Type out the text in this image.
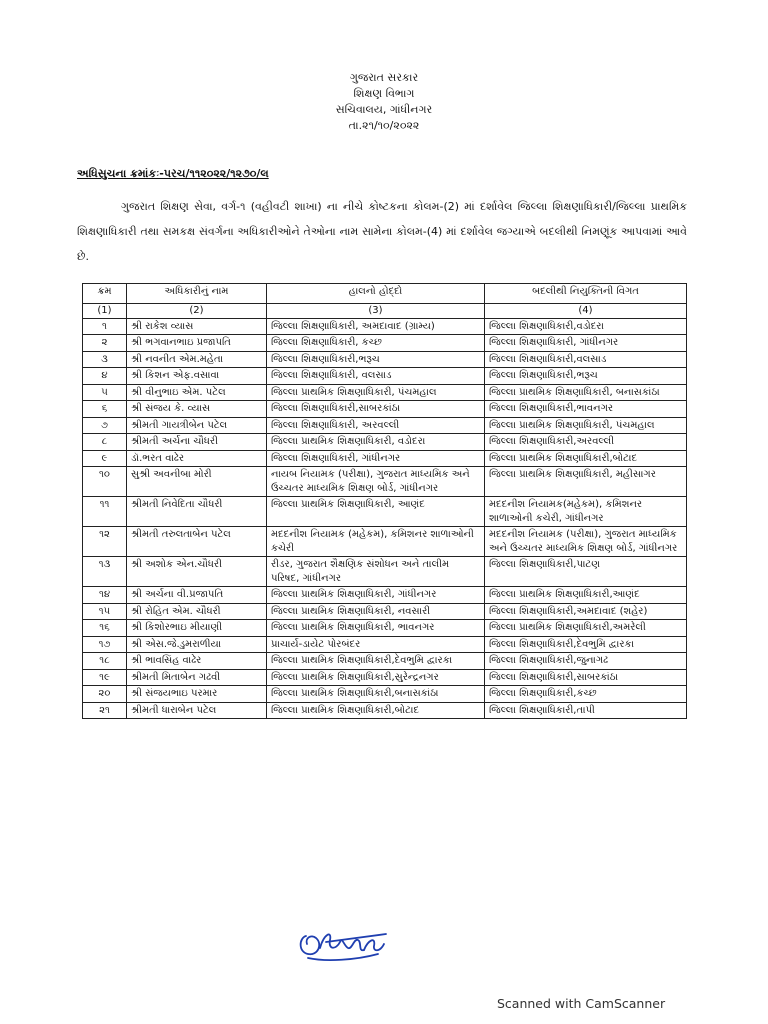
ગુજરાત સરકાર
શિક્ષણ વિભાગ
સચિવાલય, ગાંધીનગર
તા.૨૧/૧૦/૨૦૨૨
અધિસુચના ક્રમાંકઃ-પરચ/૧૧૨૦૨૨/૧૨૭૦/લ
ગુજરાત શિક્ષણ સેવા, વર્ગ-૧ (વહીવટી શાખા) ના નીચે કોષ્ટકના કોલમ-(2) માં દર્શાવેલ જિલ્લા શિક્ષણાધિકારી/જિલ્લા પ્રાથમિક શિક્ષણાધિકારી તથા સમકક્ષ સંવર્ગના અધિકારીઓને તેઓના નામ સામેના કોલમ-(4) માં દર્શાવેલ જગ્યાએ બદલીથી નિમણૂંક આપવામાં આવે છે.
ક્રમ	અધિકારીનું નામ	હાલનો હોદ્દો	બદલીથી નિયુક્તિની વિગત
(1)	(2)	(3)	(4)
૧	શ્રી રાકેશ વ્યાસ	જિલ્લા શિક્ષણાધિકારી, અમદાવાદ (ગ્રામ્ય)	જિલ્લા શિક્ષણાધિકારી,વડોદરા
૨	શ્રી ભગવાનભાઇ પ્રજાપતિ	જિલ્લા શિક્ષણાધિકારી, કચ્છ	જિલ્લા શિક્ષણાધિકારી, ગાંધીનગર
૩	શ્રી નવનીત એમ.મહેતા	જિલ્લા શિક્ષણાધિકારી,ભરૂચ	જિલ્લા શિક્ષણાધિકારી,વલસાડ
૪	શ્રી કિશન એફ.વસાવા	જિલ્લા શિક્ષણાધિકારી, વલસાડ	જિલ્લા શિક્ષણાધિકારી,ભરૂચ
૫	શ્રી વીનુભાઇ એમ. પટેલ	જિલ્લા પ્રાથમિક શિક્ષણાધિકારી, પંચમહાલ	જિલ્લા પ્રાથમિક શિક્ષણાધિકારી, બનાસકાંઠા
૬	શ્રી સંજય કે. વ્યાસ	જિલ્લા શિક્ષણાધિકારી,સાબરકાંઠા	જિલ્લા શિક્ષણાધિકારી,ભાવનગર
૭	શ્રીમતી ગાયત્રીબેન પટેલ	જિલ્લા શિક્ષણાધિકારી, અરવલ્લી	જિલ્લા પ્રાથમિક શિક્ષણાધિકારી, પંચમહાલ
૮	શ્રીમતી અર્ચના ચૌધરી	જિલ્લા પ્રાથમિક શિક્ષણાધિકારી, વડોદરા	જિલ્લા શિક્ષણાધિકારી,અરવલ્લી
૯	ડૉ.ભરત વાઢેર	જિલ્લા શિક્ષણાધિકારી, ગાંધીનગર	જિલ્લા પ્રાથમિક શિક્ષણાધિકારી,બોટાદ
૧૦	સુશ્રી અવનીબા મોરી	નાયબ નિયામક (પરીક્ષા), ગુજરાત માધ્યમિક અને ઉચ્ચતર માધ્યમિક શિક્ષણ બોર્ડ, ગાંધીનગર	જિલ્લા પ્રાથમિક શિક્ષણાધિકારી, મહીસાગર
૧૧	શ્રીમતી નિવેદિતા ચૌધરી	જિલ્લા પ્રાથમિક શિક્ષણાધિકારી, આણંદ	મદદનીશ નિયામક(મહેકમ), કમિશનર શાળાઓની કચેરી, ગાંધીનગર
૧૨	શ્રીમતી તરુલતાબેન પટેલ	મદદનીશ નિયામક (મહેકમ), કમિશનર શાળાઓની કચેરી	મદદનીશ નિયામક (પરીક્ષા), ગુજરાત માધ્યમિક અને ઉચ્ચતર માધ્યમિક શિક્ષણ બોર્ડ, ગાંધીનગર
૧૩	શ્રી અશોક એન.ચૌધરી	રીડર, ગુજરાત શૈક્ષણિક સંશોધન અને તાલીમ પરિષદ, ગાંધીનગર	જિલ્લા શિક્ષણાધિકારી,પાટણ
૧૪	શ્રી અર્ચના વી.પ્રજાપતિ	જિલ્લા પ્રાથમિક શિક્ષણાધિકારી, ગાંધીનગર	જિલ્લા પ્રાથમિક શિક્ષણાધિકારી,આણંદ
૧૫	શ્રી રોહિત એમ. ચૌધરી	જિલ્લા પ્રાથમિક શિક્ષણાધિકારી, નવસારી	જિલ્લા શિક્ષણાધિકારી,અમદાવાદ (શહેર)
૧૬	શ્રી કિશોરભાઇ મીયાણી	જિલ્લા પ્રાથમિક શિક્ષણાધિકારી, ભાવનગર	જિલ્લા પ્રાથમિક શિક્ષણાધિકારી,અમરેલી
૧૭	શ્રી એસ.જે.ડુમરાળીયા	પ્રાચાર્ય-ડાયેટ પોરબંદર	જિલ્લા શિક્ષણાધિકારી,દેવભુમિ દ્વારકા
૧૮	શ્રી ભાવસિંહ વાઢેર	જિલ્લા પ્રાથમિક શિક્ષણાધિકારી,દેવભુમિ દ્વારકા	જિલ્લા શિક્ષણાધિકારી,જુનાગઢ
૧૯	શ્રીમતી મિતાબેન ગઢવી	જિલ્લા પ્રાથમિક શિક્ષણાધિકારી,સુરેન્દ્રનગર	જિલ્લા શિક્ષણાધિકારી,સાબરકાંઠા
૨૦	શ્રી સંજયભાઇ પરમાર	જિલ્લા પ્રાથમિક શિક્ષણાધિકારી,બનાસકાંઠા	જિલ્લા શિક્ષણાધિકારી,કચ્છ
૨૧	શ્રીમતી ધારાબેન પટેલ	જિલ્લા પ્રાથમિક શિક્ષણાધિકારી,બોટાદ	જિલ્લા શિક્ષણાધિકારી,તાપી
Scanned with CamScanner
